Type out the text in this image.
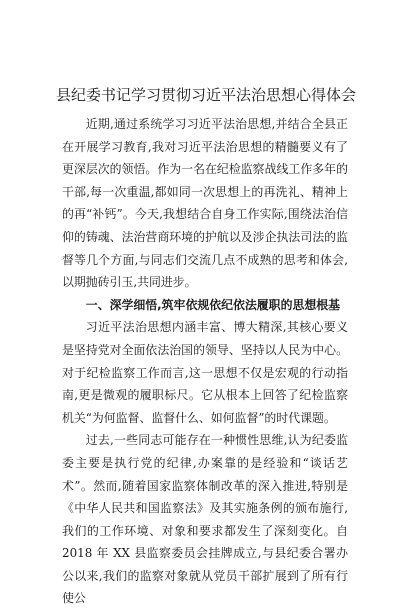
县纪委书记学习贯彻习近平法治思想心得体会

近期,通过系统学习习近平法治思想,并结合全县正在开展学习教育,我对习近平法治思想的精髓要义有了更深层次的领悟。作为一名在纪检监察战线工作多年的干部,每一次重温,都如同一次思想上的再洗礼、精神上的再“补钙”。今天,我想结合自身工作实际,围绕法治信仰的铸魂、法治营商环境的护航以及涉企执法司法的监督等几个方面,与同志们交流几点不成熟的思考和体会,以期抛砖引玉,共同进步。

一、深学细悟,筑牢依规依纪依法履职的思想根基

习近平法治思想内涵丰富、博大精深,其核心要义是坚持党对全面依法治国的领导、坚持以人民为中心。对于纪检监察工作而言,这一思想不仅是宏观的行动指南,更是微观的履职标尺。它从根本上回答了纪检监察机关“为何监督、监督什么、如何监督”的时代课题。

过去,一些同志可能存在一种惯性思维,认为纪委监委主要是执行党的纪律,办案靠的是经验和“谈话艺术”。然而,随着国家监察体制改革的深入推进,特别是《中华人民共和国监察法》及其实施条例的颁布施行,我们的工作环境、对象和要求都发生了深刻变化。自 2018 年 XX 县监察委员会挂牌成立,与县纪委合署办公以来,我们的监察对象就从党员干部扩展到了所有行使公
